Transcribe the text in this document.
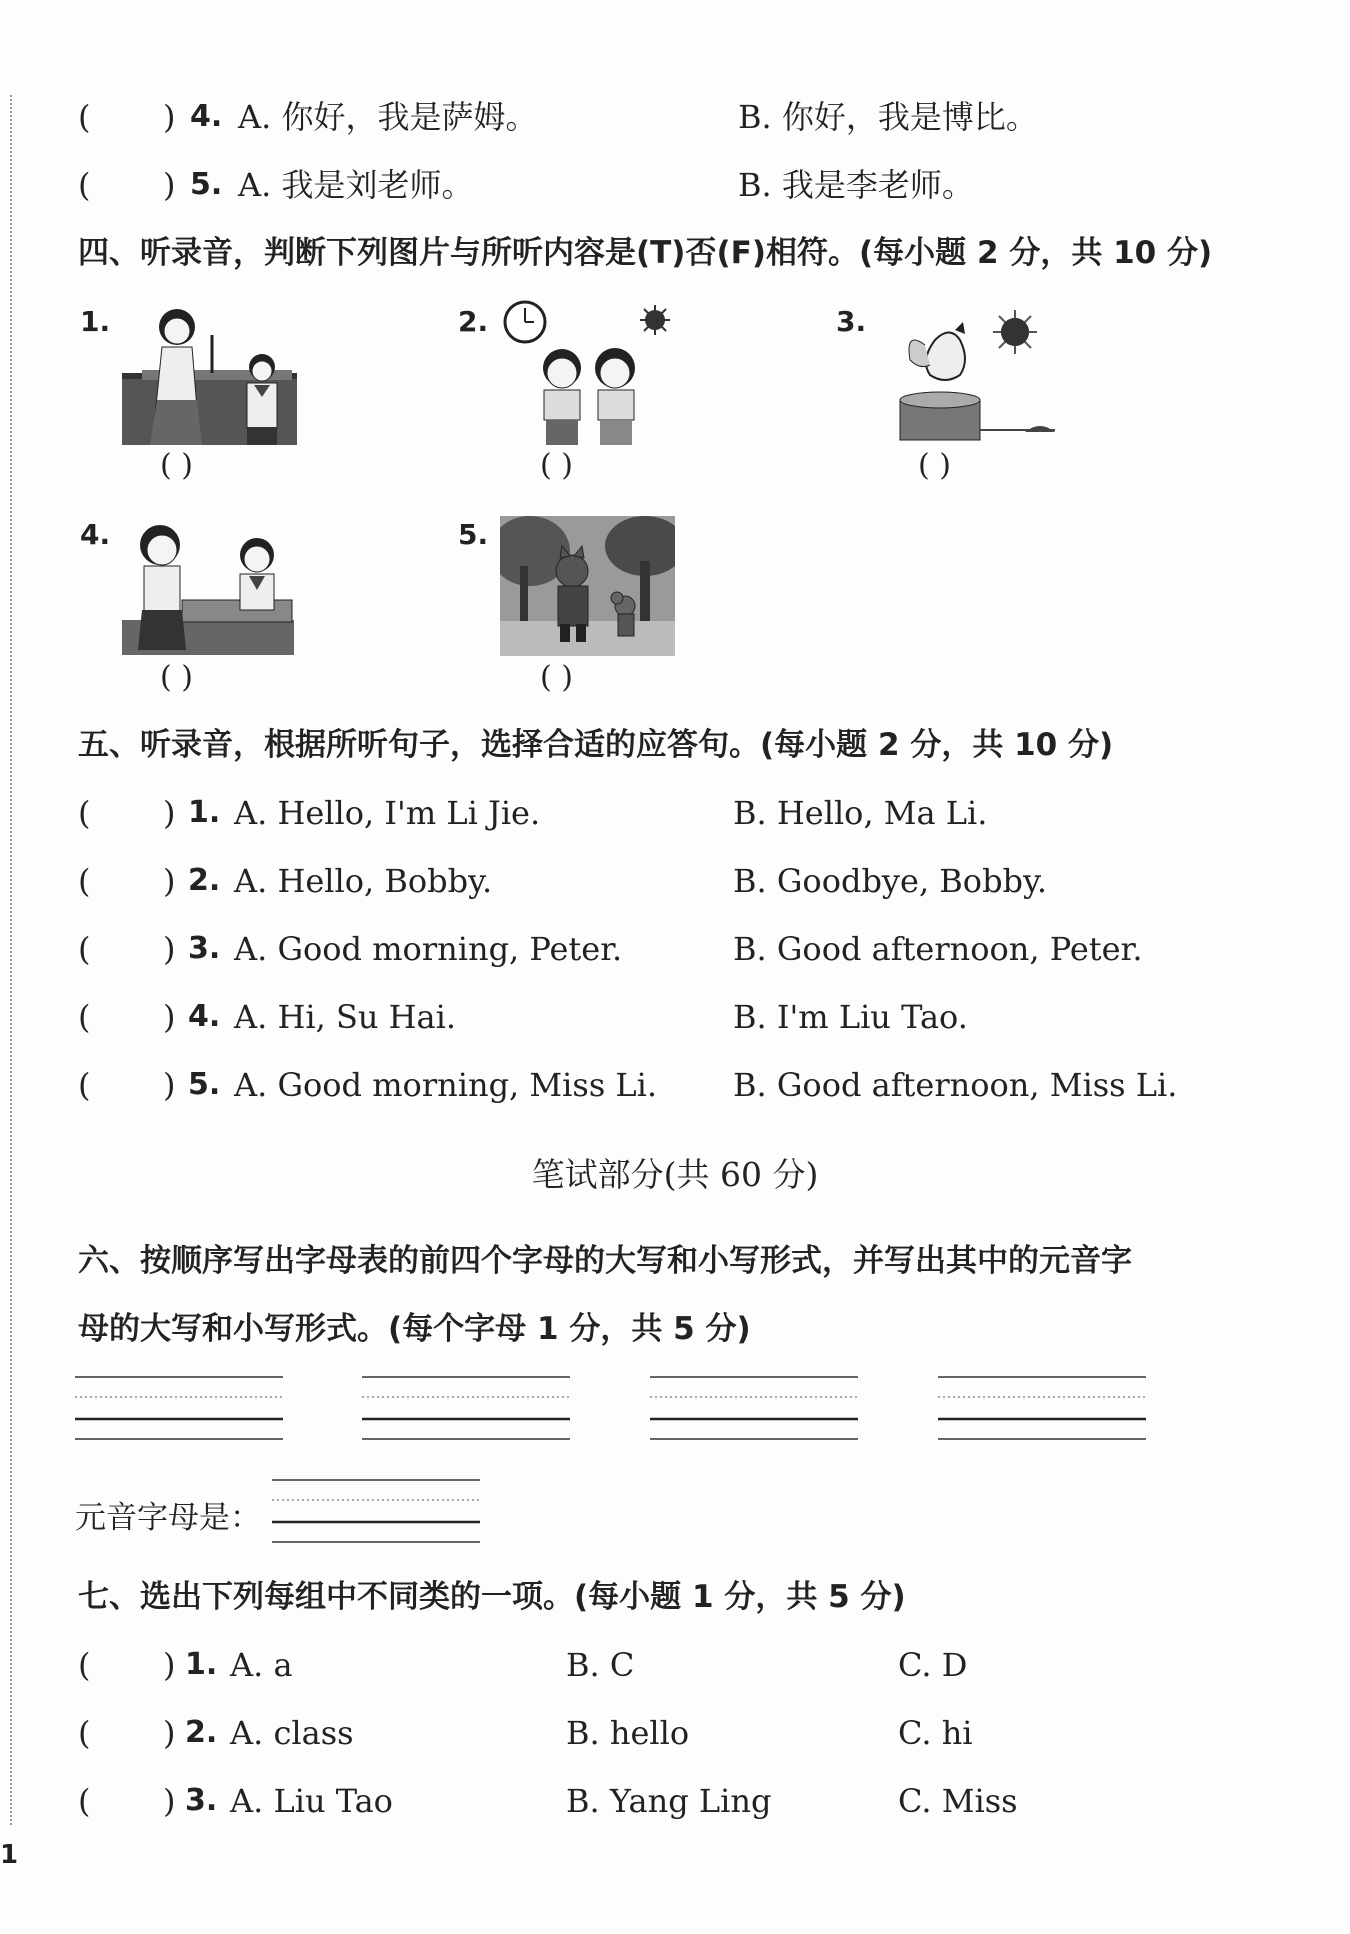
( ) 4. A. 你好，我是萨姆。	B. 你好，我是博比。
( ) 5. A. 我是刘老师。	B. 我是李老师。
四、听录音，判断下列图片与所听内容是(T)否(F)相符。(每小题 2 分，共 10 分)
1.
( )
2.
( )
3.
( )
4.
( )
5.
( )
五、听录音，根据所听句子，选择合适的应答句。(每小题 2 分，共 10 分)
( ) 1. A. Hello, I'm Li Jie.	B. Hello, Ma Li.
( ) 2. A. Hello, Bobby.	B. Goodbye, Bobby.
( ) 3. A. Good morning, Peter.	B. Good afternoon, Peter.
( ) 4. A. Hi, Su Hai.	B. I'm Liu Tao.
( ) 5. A. Good morning, Miss Li. B. Good afternoon, Miss Li.
笔试部分(共 60 分)
六、按顺序写出字母表的前四个字母的大写和小写形式，并写出其中的元音字
母的大写和小写形式。(每个字母 1 分，共 5 分)
元音字母是：
七、选出下列每组中不同类的一项。(每小题 1 分，共 5 分)
( ) 1. A. a	B. C	C. D
( ) 2. A. class	B. hello	C. hi
( ) 3. A. Liu Tao	B. Yang Ling	C. Miss
1
